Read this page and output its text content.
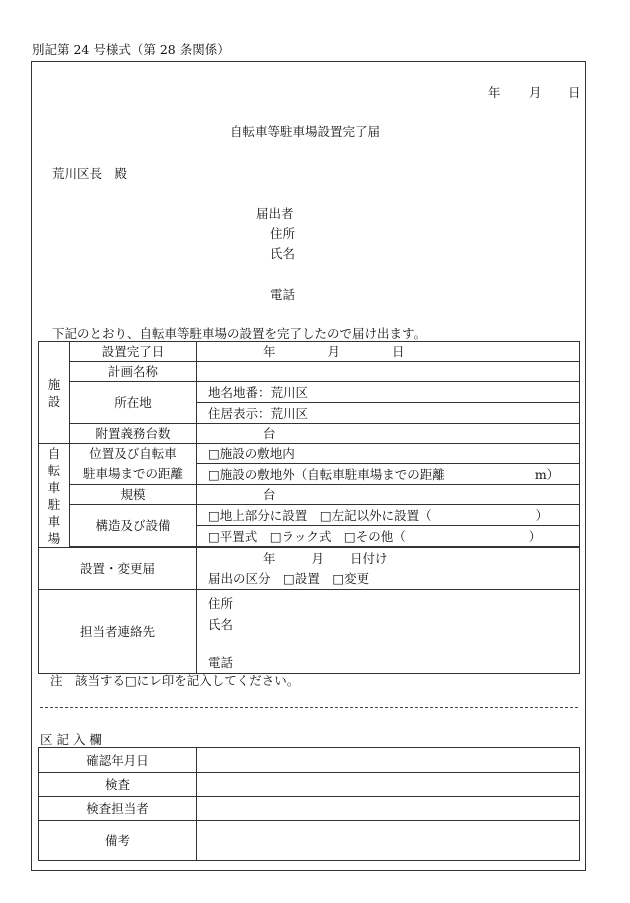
別記第 24 号様式（第 28 条関係）
年 月 日
自転車等駐車場設置完了届
荒川区長　殿
届出者
住所
氏名
電話
下記のとおり、自転車等駐車場の設置を完了したので届け出ます。
施設	設置完了日	年 月 日
	計画名称	
	所在地	地名地番：荒川区
		住居表示：荒川区
	附置義務台数	台
自転車駐車場	位置及び自転車	□施設の敷地内
	駐車場までの距離	□施設の敷地外（自転車駐車場までの距離 m）
	規模	台
	構造及び設備	□地上部分に設置　 □左記以外に設置（ ）
		□平置式　 □ラック式　 □その他（ ）

設置・変更届		年 月 日付け
		届出の区分　 □設置　 □変更
担当者連絡先		住所
氏名
電話
注　該当する□にレ印を記入してください。
区 記 入 欄
確認年月日	
検査	
検査担当者	
備考	
